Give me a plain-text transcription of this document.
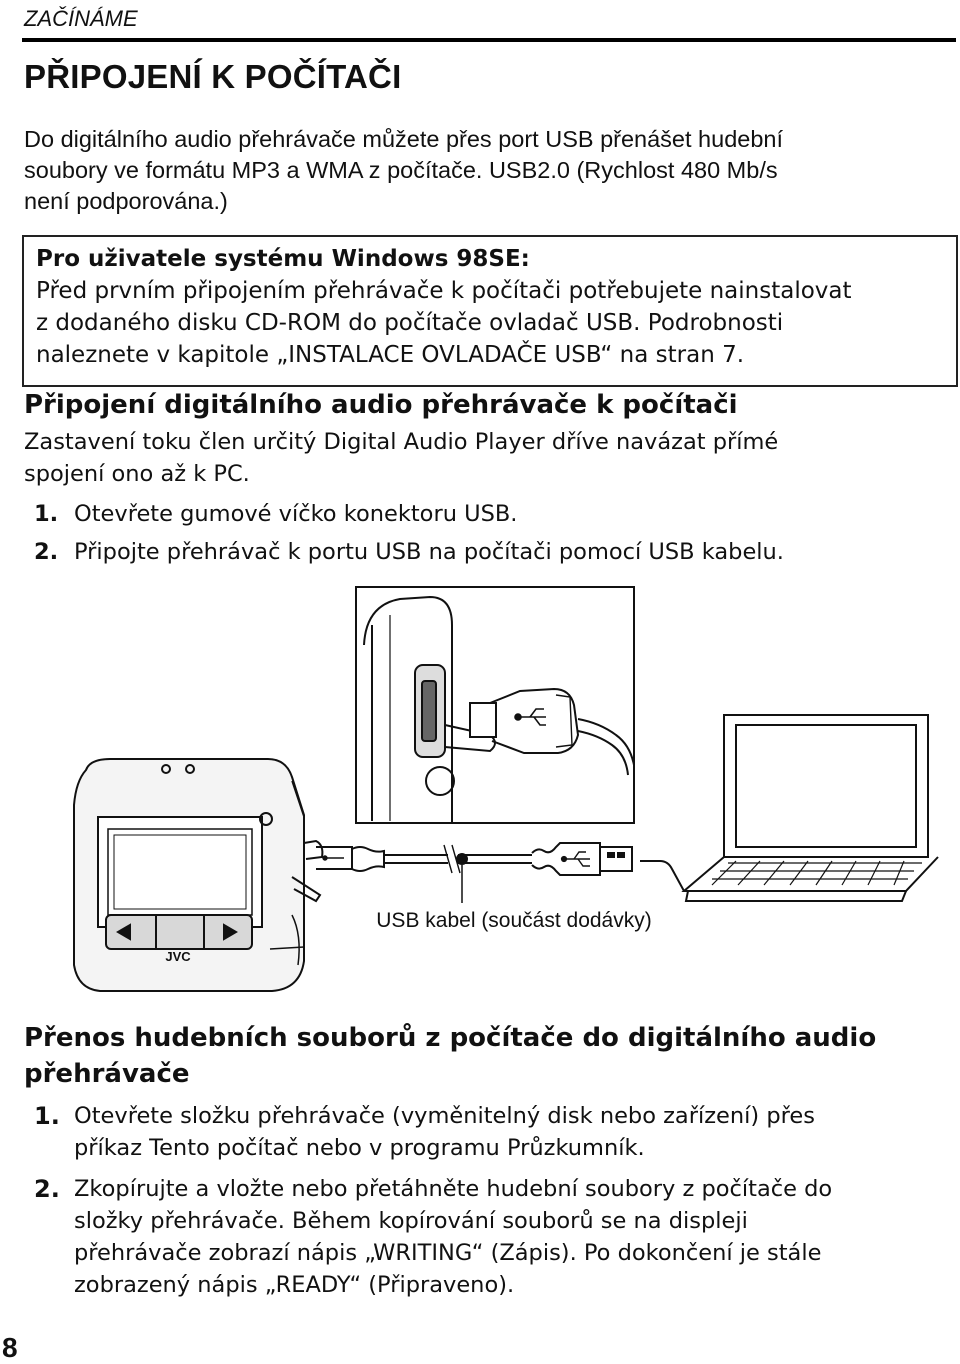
ZAČÍNÁME
PŘIPOJENÍ K POČÍTAČI
Do digitálního audio přehrávače můžete přes port USB přenášet hudební
soubory ve formátu MP3 a WMA z počítače. USB2.0 (Rychlost 480 Mb/s
není podporována.)
Pro uživatele systému Windows 98SE:
Před prvním připojením přehrávače k počítači potřebujete nainstalovat
z dodaného disku CD-ROM do počítače ovladač USB. Podrobnosti
naleznete v kapitole „INSTALACE OVLADAČE USB“ na stran 7.
Připojení digitálního audio přehrávače k počítači
Zastavení toku člen určitý Digital Audio Player dříve navázat přímé
spojení ono až k PC.
1. Otevřete gumové víčko konektoru USB.
2. Připojte přehrávač k portu USB na počítači pomocí USB kabelu.
JVC
USB kabel (součást dodávky)
Přenos hudebních souborů z počítače do digitálního audio
přehrávače
1. Otevřete složku přehrávače (vyměnitelný disk nebo zařízení) přes
příkaz Tento počítač nebo v programu Průzkumník.
2. Zkopírujte a vložte nebo přetáhněte hudební soubory z počítače do
složky přehrávače. Během kopírování souborů se na displeji
přehrávače zobrazí nápis „WRITING“ (Zápis). Po dokončení je stále
zobrazený nápis „READY“ (Připraveno).
8
